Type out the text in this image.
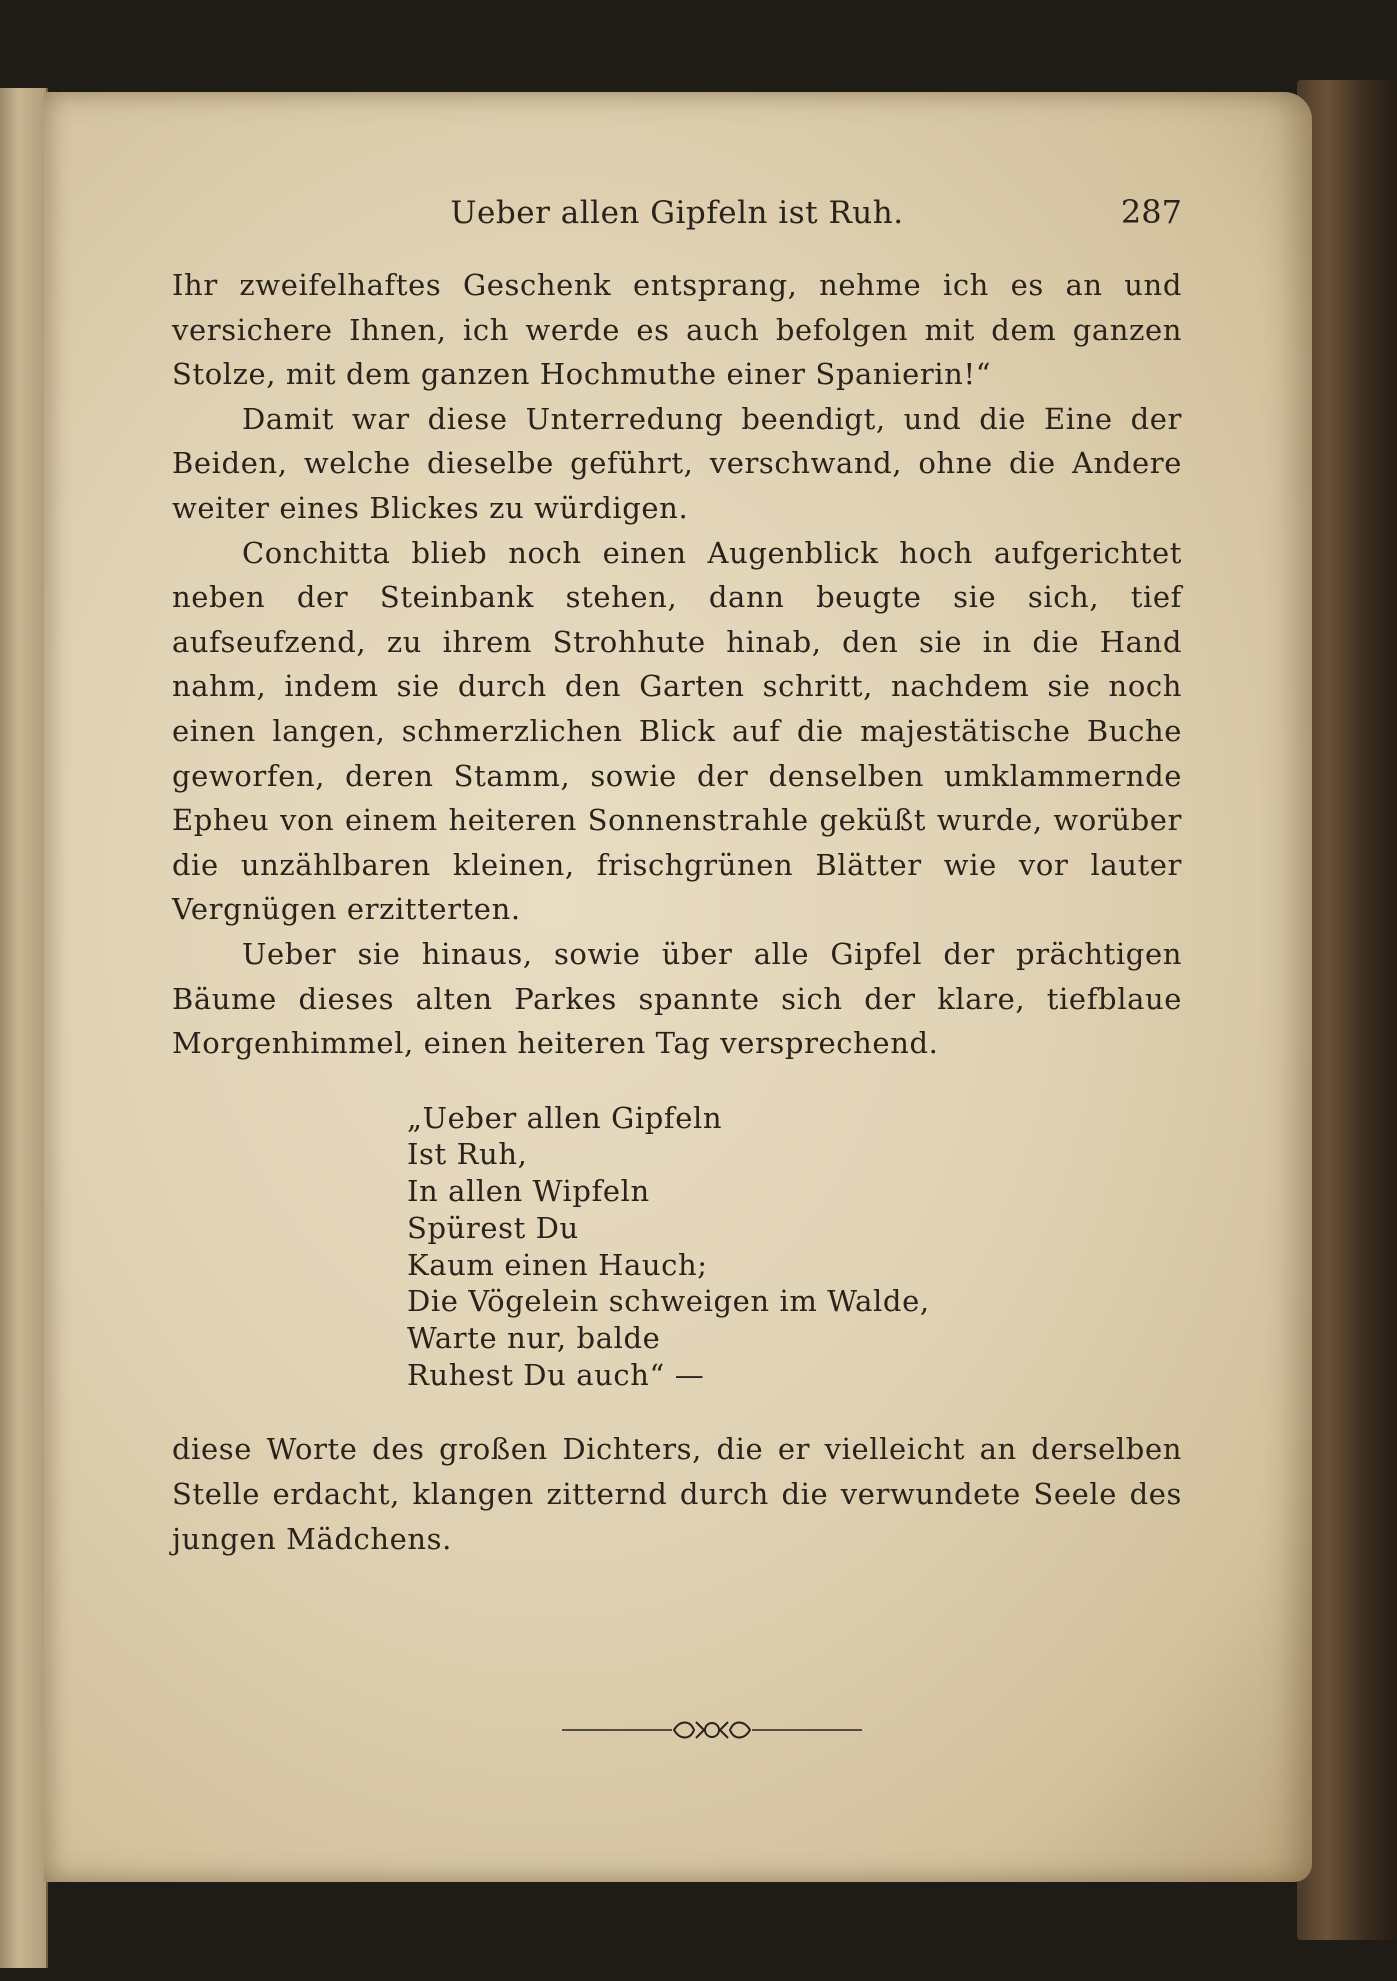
Ueber allen Gipfeln ist Ruh.	287

Ihr zweifelhaftes Geschenk entsprang, nehme ich es an und versichere Ihnen, ich werde es auch befolgen mit dem ganzen Stolze, mit dem ganzen Hochmuthe einer Spanierin!“

Damit war diese Unterredung beendigt, und die Eine der Beiden, welche dieselbe geführt, verschwand, ohne die Andere weiter eines Blickes zu würdigen.

Conchitta blieb noch einen Augenblick hoch aufgerichtet neben der Steinbank stehen, dann beugte sie sich, tief aufseufzend, zu ihrem Strohhute hinab, den sie in die Hand nahm, indem sie durch den Garten schritt, nachdem sie noch einen langen, schmerzlichen Blick auf die majestätische Buche geworfen, deren Stamm, sowie der denselben umklammernde Epheu von einem heiteren Sonnenstrahle geküßt wurde, worüber die unzählbaren kleinen, frischgrünen Blätter wie vor lauter Vergnügen erzitterten.

Ueber sie hinaus, sowie über alle Gipfel der prächtigen Bäume dieses alten Parkes spannte sich der klare, tiefblaue Morgenhimmel, einen heiteren Tag versprechend.

„Ueber allen Gipfeln
Ist Ruh,
In allen Wipfeln
Spürest Du
Kaum einen Hauch;
Die Vögelein schweigen im Walde,
Warte nur, balde
Ruhest Du auch“ —

diese Worte des großen Dichters, die er vielleicht an derselben Stelle erdacht, klangen zitternd durch die verwundete Seele des jungen Mädchens.
